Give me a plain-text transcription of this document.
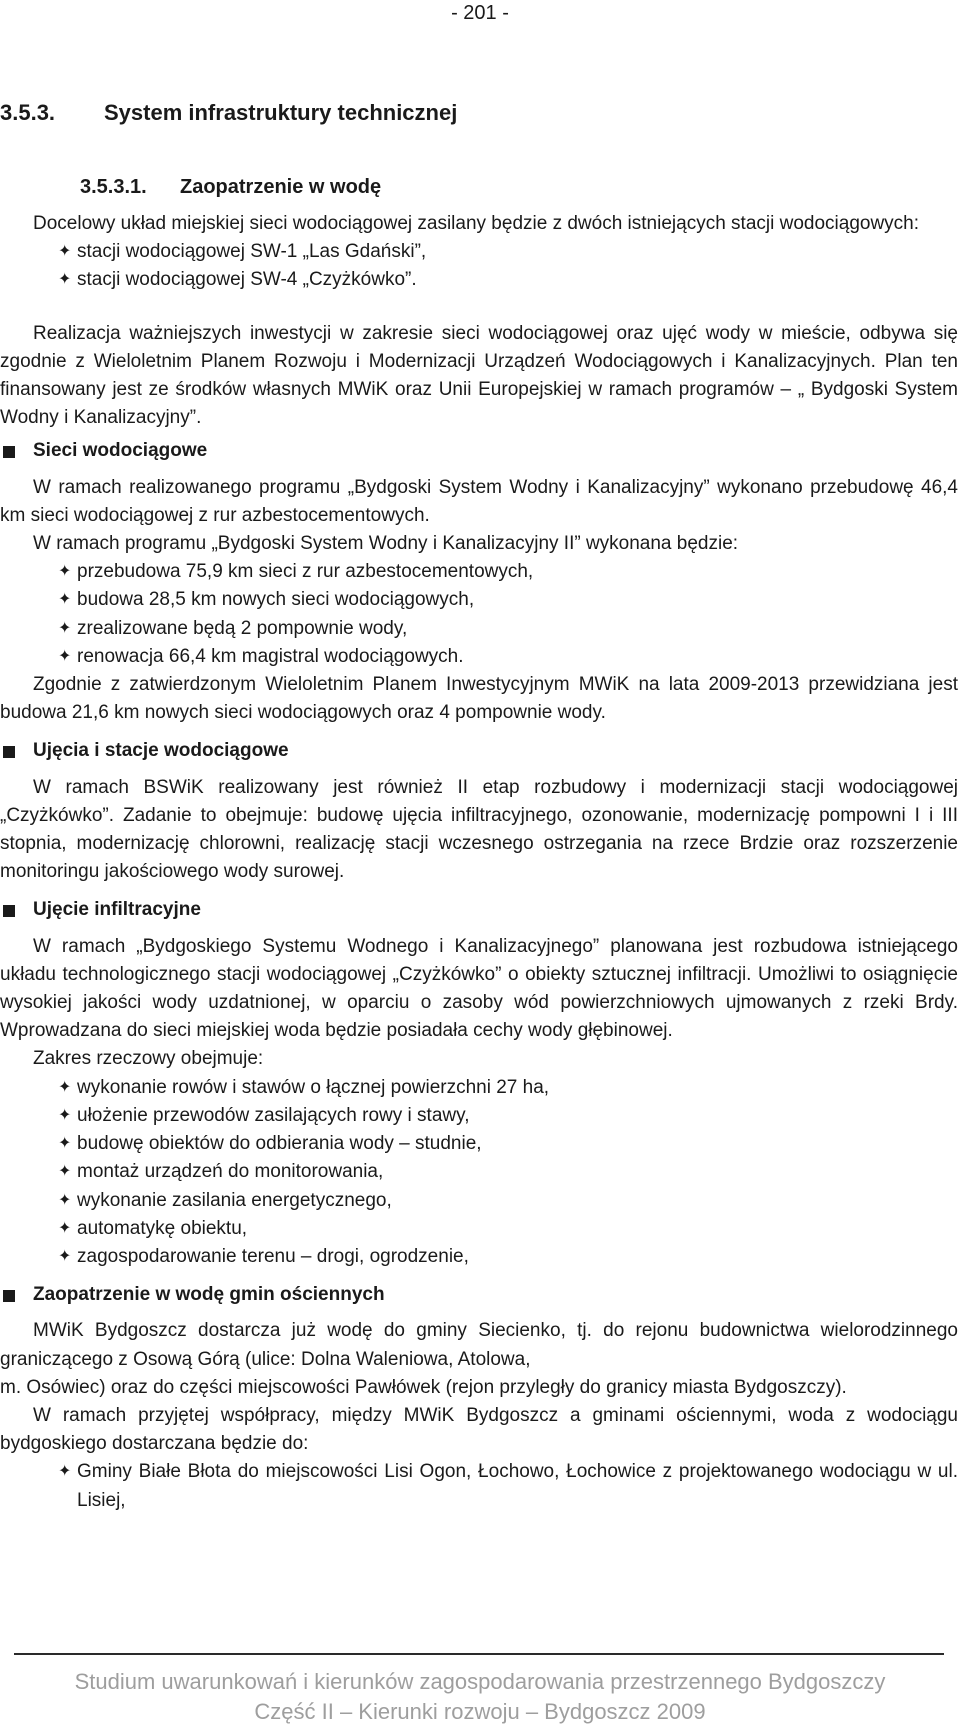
- 201 -
3.5.3. System infrastruktury technicznej
3.5.3.1. Zaopatrzenie w wodę

Docelowy układ miejskiej sieci wodociągowej zasilany będzie z dwóch istniejących stacji wodociągowych:

✦ stacji wodociągowej SW-1 „Las Gdański”,
✦ stacji wodociągowej SW-4 „Czyżkówko”.

Realizacja ważniejszych inwestycji w zakresie sieci wodociągowej oraz ujęć wody w mieście, odbywa się zgodnie z Wieloletnim Planem Rozwoju i Modernizacji Urządzeń Wodociągowych i Kanalizacyjnych. Plan ten finansowany jest ze środków własnych MWiK oraz Unii Europejskiej w ramach programów – „ Bydgoski System Wodny i Kanalizacyjny”.

Sieci wodociągowe

W ramach realizowanego programu „Bydgoski System Wodny i Kanalizacyjny” wykonano przebudowę 46,4 km sieci wodociągowej z rur azbestocementowych.

W ramach programu „Bydgoski System Wodny i Kanalizacyjny II” wykonana będzie:

✦ przebudowa 75,9 km sieci z rur azbestocementowych,
✦ budowa 28,5 km nowych sieci wodociągowych,
✦ zrealizowane będą 2 pompownie wody,
✦ renowacja 66,4 km magistral wodociągowych.

Zgodnie z zatwierdzonym Wieloletnim Planem Inwestycyjnym MWiK na lata 2009-2013 przewidziana jest budowa 21,6 km nowych sieci wodociągowych oraz 4 pompownie wody.

Ujęcia i stacje wodociągowe

W ramach BSWiK realizowany jest również II etap rozbudowy i modernizacji stacji wodociągowej „Czyżkówko”. Zadanie to obejmuje: budowę ujęcia infiltracyjnego, ozonowanie, modernizację pompowni I i III stopnia, modernizację chlorowni, realizację stacji wczesnego ostrzegania na rzece Brdzie oraz rozszerzenie monitoringu jakościowego wody surowej.

Ujęcie infiltracyjne

W ramach „Bydgoskiego Systemu Wodnego i Kanalizacyjnego” planowana jest rozbudowa istniejącego układu technologicznego stacji wodociągowej „Czyżkówko” o obiekty sztucznej infiltracji. Umożliwi to osiągnięcie wysokiej jakości wody uzdatnionej, w oparciu o zasoby wód powierzchniowych ujmowanych z rzeki Brdy. Wprowadzana do sieci miejskiej woda będzie posiadała cechy wody głębinowej.

Zakres rzeczowy obejmuje:

✦ wykonanie rowów i stawów o łącznej powierzchni 27 ha,
✦ ułożenie przewodów zasilających rowy i stawy,
✦ budowę obiektów do odbierania wody – studnie,
✦ montaż urządzeń do monitorowania,
✦ wykonanie zasilania energetycznego,
✦ automatykę obiektu,
✦ zagospodarowanie terenu – drogi, ogrodzenie,
Zaopatrzenie w wodę gmin ościennych

MWiK Bydgoszcz dostarcza już wodę do gminy Siecienko, tj. do rejonu budownictwa wielorodzinnego graniczącego z Osową Górą (ulice: Dolna Waleniowa, Atolowa,

m. Osówiec) oraz do części miejscowości Pawłówek (rejon przyległy do granicy miasta Bydgoszczy).

W ramach przyjętej współpracy, między MWiK Bydgoszcz a gminami ościennymi, woda z wodociągu bydgoskiego dostarczana będzie do:

✦ Gminy Białe Błota do miejscowości Lisi Ogon, Łochowo, Łochowice z projektowanego wodociągu w ul. Lisiej,
Studium uwarunkowań i kierunków zagospodarowania przestrzennego Bydgoszczy
Część II – Kierunki rozwoju – Bydgoszcz 2009
